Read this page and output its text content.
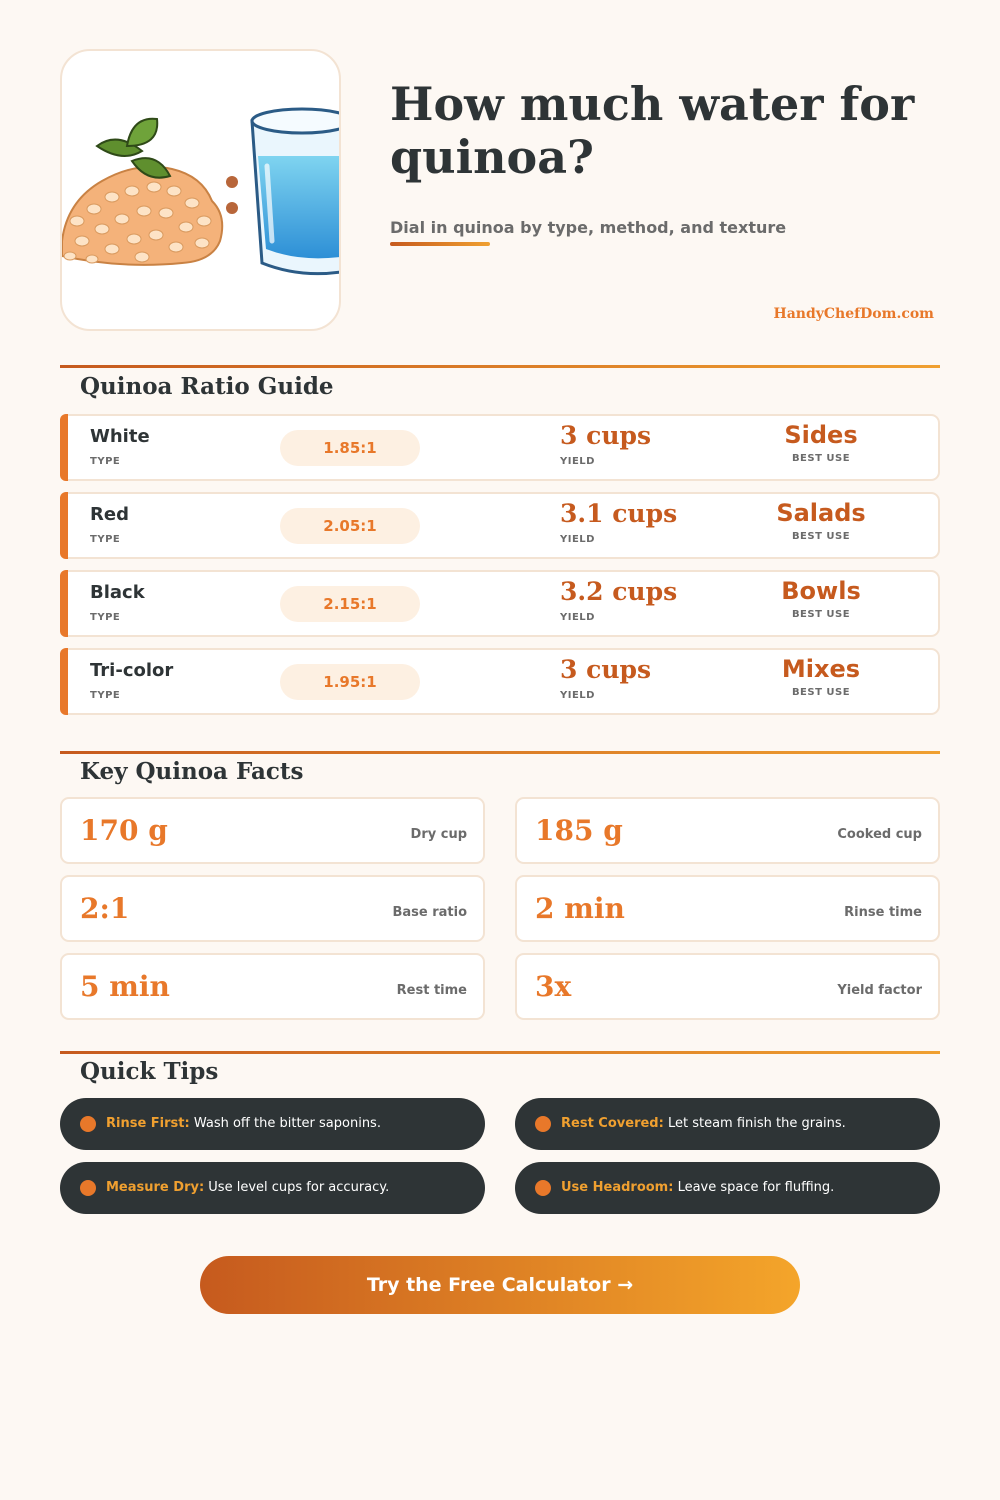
How much water for quinoa?
Dial in quinoa by type, method, and texture
HandyChefDom.com
Quinoa Ratio Guide
White
TYPE
1.85:1	3 cups
YIELD
Sides
BEST USE
Red
TYPE
2.05:1	3.1 cups
YIELD
Salads
BEST USE
Black
TYPE
2.15:1	3.2 cups
YIELD
Bowls
BEST USE
Tri-color
TYPE
1.95:1	3 cups
YIELD
Mixes
BEST USE
Key Quinoa Facts
170 g	Dry cup 185 g	Cooked cup
2:1	Base ratio 2 min	Rinse time
5 min	Rest time 3x	Yield factor
Quick Tips
Rinse First: Wash off the bitter saponins.	Rest Covered: Let steam finish the grains.
Measure Dry: Use level cups for accuracy.	Use Headroom: Leave space for fluffing.
Try the Free Calculator →
